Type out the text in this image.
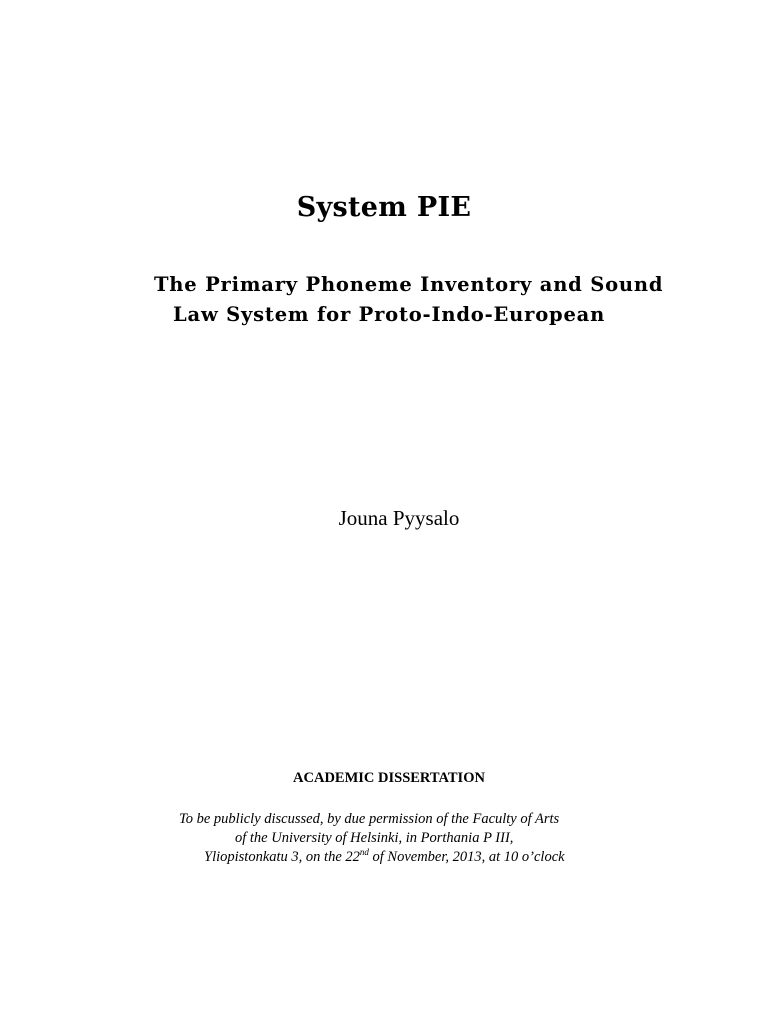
System PIE
The Primary Phoneme Inventory and Sound
Law System for Proto-Indo-European

Jouna Pyysalo

ACADEMIC DISSERTATION

To be publicly discussed, by due permission of the Faculty of Arts
of the University of Helsinki, in Porthania P III,
Yliopistonkatu 3, on the 22nd of November, 2013, at 10 o’clock
